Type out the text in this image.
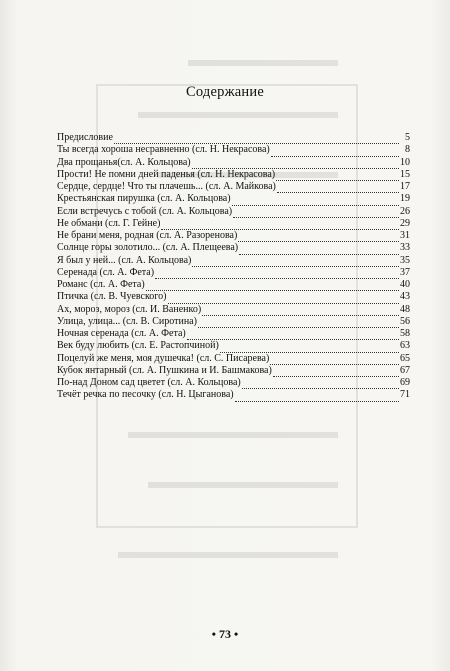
Содержание
Предисловие	5
Ты всегда хороша несравненно (сл. Н. Некрасова)	8
Два прощанья(сл. А. Кольцова)	10
Прости! Не помни дней паденья (сл. Н. Некрасова)	15
Сердце, сердце! Что ты плачешь... (сл. А. Майкова)	17
Крестьянская пирушка (сл. А. Кольцова)	19
Если встречусь с тобой (сл. А. Кольцова)	26
Не обмани (сл. Г. Гейне)	29
Не брани меня, родная (сл. А. Разоренова)	31
Солнце горы золотило... (сл. А. Плещеева)	33
Я был у ней... (сл. А. Кольцова)	35
Серенада (сл. А. Фета)	37
Романс (сл. А. Фета)	40
Птичка (сл. В. Чуевского)	43
Ах, мороз, мороз (сл. И. Ваненко)	48
Улица, улица... (сл. В. Сиротина)	56
Ночная серенада (сл. А. Фета)	58
Век буду любить (сл. Е. Растопчиной)	63
Поцелуй же меня, моя душечка! (сл. С. Писарева)	65
Кубок янтарный (сл. А. Пушкина и И. Башмакова)	67
По-над Доном сад цветет (сл. А. Кольцова)	69
Течёт речка по песочку (сл. Н. Цыганова)	71
• 73 •
